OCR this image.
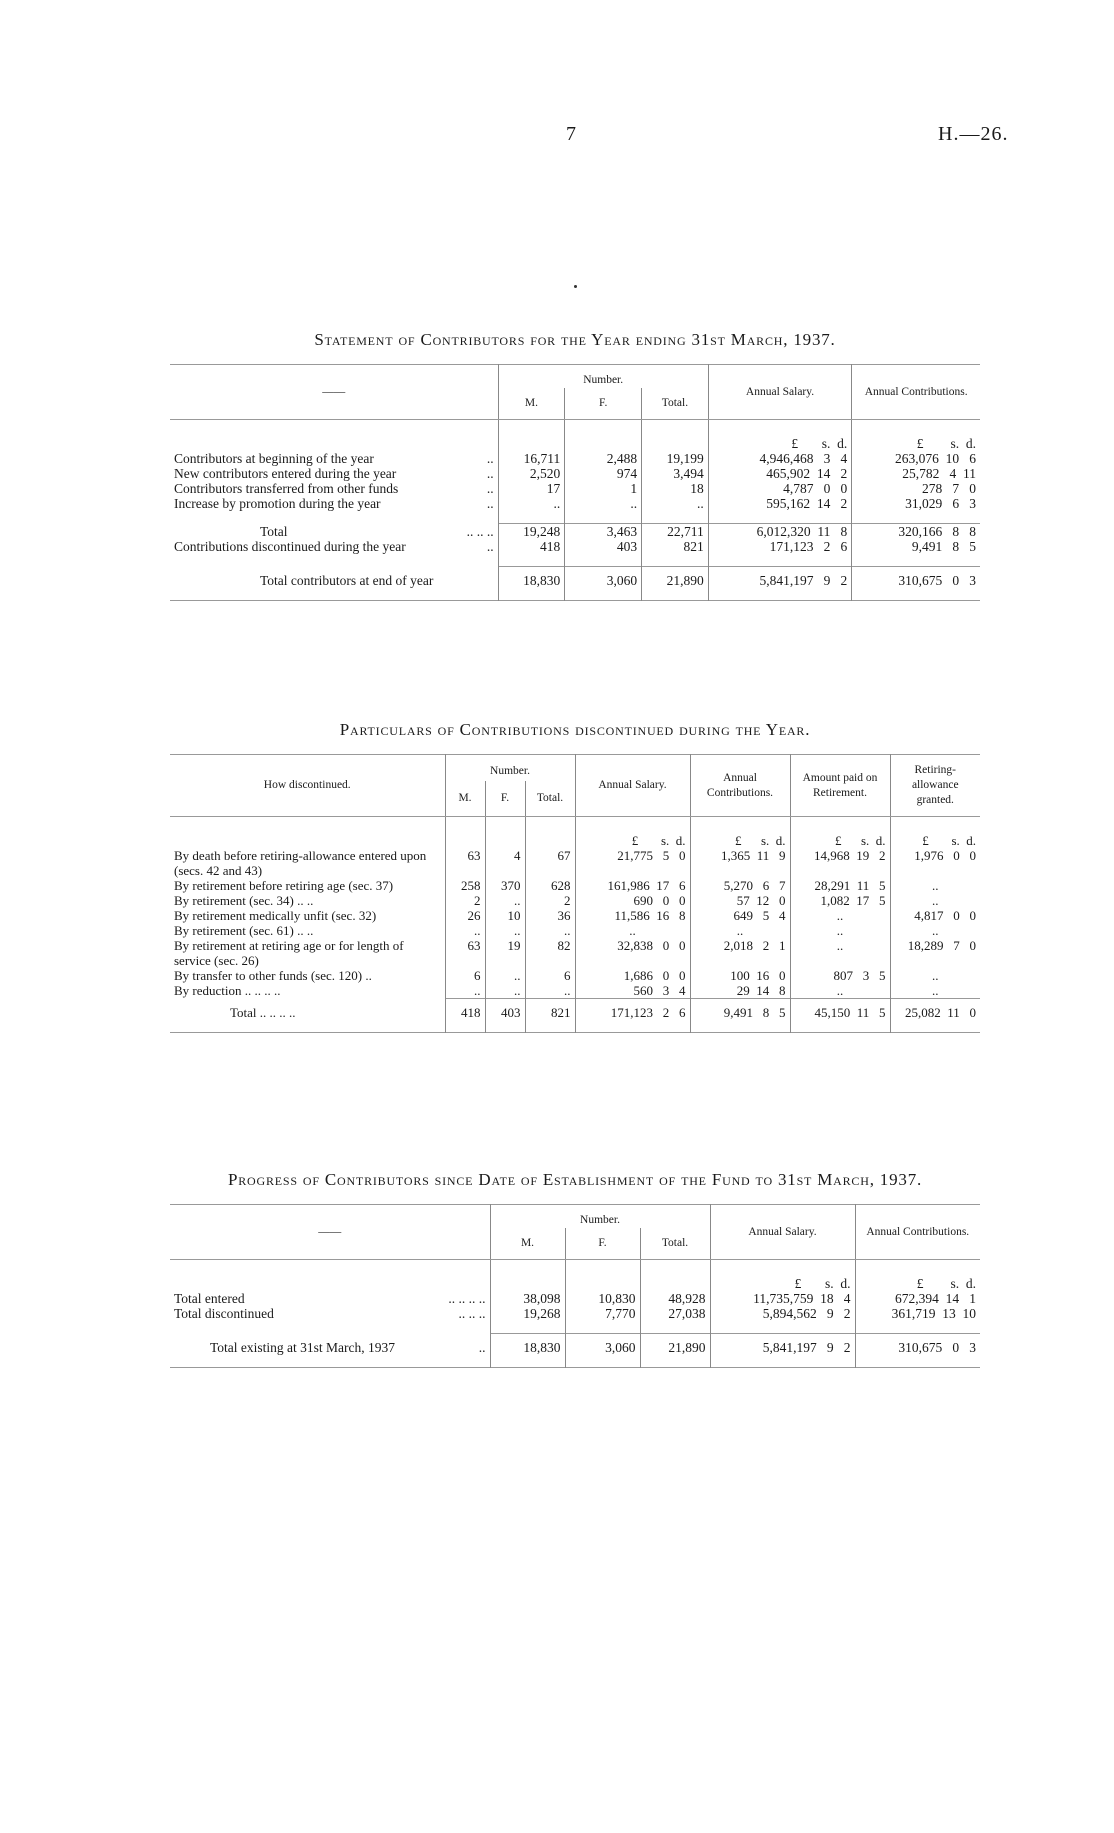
7	H.—26.
Statement of Contributors for the Year ending 31st March, 1937.
——	Number.			Annual Salary.	Annual Contributions.
	M.	F.	Total.		
				£       s.  d.	£        s.  d.
Contributors at beginning of the year ..	16,711	2,488	19,199	4,946,468   3   4	263,076  10   6
New contributors entered during the year ..	2,520	974	3,494	465,902  14   2	25,782   4  11
Contributors transferred from other funds ..	17	1	18	4,787   0   0	278   7   0
Increase by promotion during the year ..	..	..	..	595,162  14   2	31,029   6   3

Total .. .. ..	19,248	3,463	22,711	6,012,320  11   8	320,166   8   8
Contributions discontinued during the year ..	418	403	821	171,123   2   6	9,491   8   5

Total contributors at end of year	18,830	3,060	21,890	5,841,197   9   2	310,675   0   3
Particulars of Contributions discontinued during the Year.
How discontinued.	Number.			Annual Salary.	Annual Contributions.	Amount paid on Retirement.	Retiring-allowance granted.
	M.	F.	Total.				
				£       s.  d.	£      s.  d.	£      s.  d.	£       s.  d.
By death before retiring-allowance entered upon (secs. 42 and 43)	63	4	67	21,775   5   0	1,365  11   9	14,968  19   2	1,976   0   0
By retirement before retiring age (sec. 37)	258	370	628	161,986  17   6	5,270   6   7	28,291  11   5	..
By retirement (sec. 34) .. ..	2	..	2	690   0   0	57  12   0	1,082  17   5	..
By retirement medically unfit (sec. 32)	26	10	36	11,586  16   8	649   5   4	..	4,817   0   0
By retirement (sec. 61) .. ..	..	..	..	..	..	..	..
By retirement at retiring age or for length of service (sec. 26)	63	19	82	32,838   0   0	2,018   2   1	..	18,289   7   0
By transfer to other funds (sec. 120) ..	6	..	6	1,686   0   0	100  16   0	807   3   5	..
By reduction .. .. .. ..	..	..	..	560   3   4	29  14   8	..	..
Total .. .. .. ..	418	403	821	171,123   2   6	9,491   8   5	45,150  11   5	25,082  11   0
Progress of Contributors since Date of Establishment of the Fund to 31st March, 1937.
——	Number.			Annual Salary.	Annual Contributions.
	M.	F.	Total.		
				£       s.  d.	£        s.  d.
Total entered .. .. .. ..	38,098	10,830	48,928	11,735,759  18   4	672,394  14   1
Total discontinued .. .. ..	19,268	7,770	27,038	5,894,562   9   2	361,719  13  10

Total existing at 31st March, 1937 ..	18,830	3,060	21,890	5,841,197   9   2	310,675   0   3
